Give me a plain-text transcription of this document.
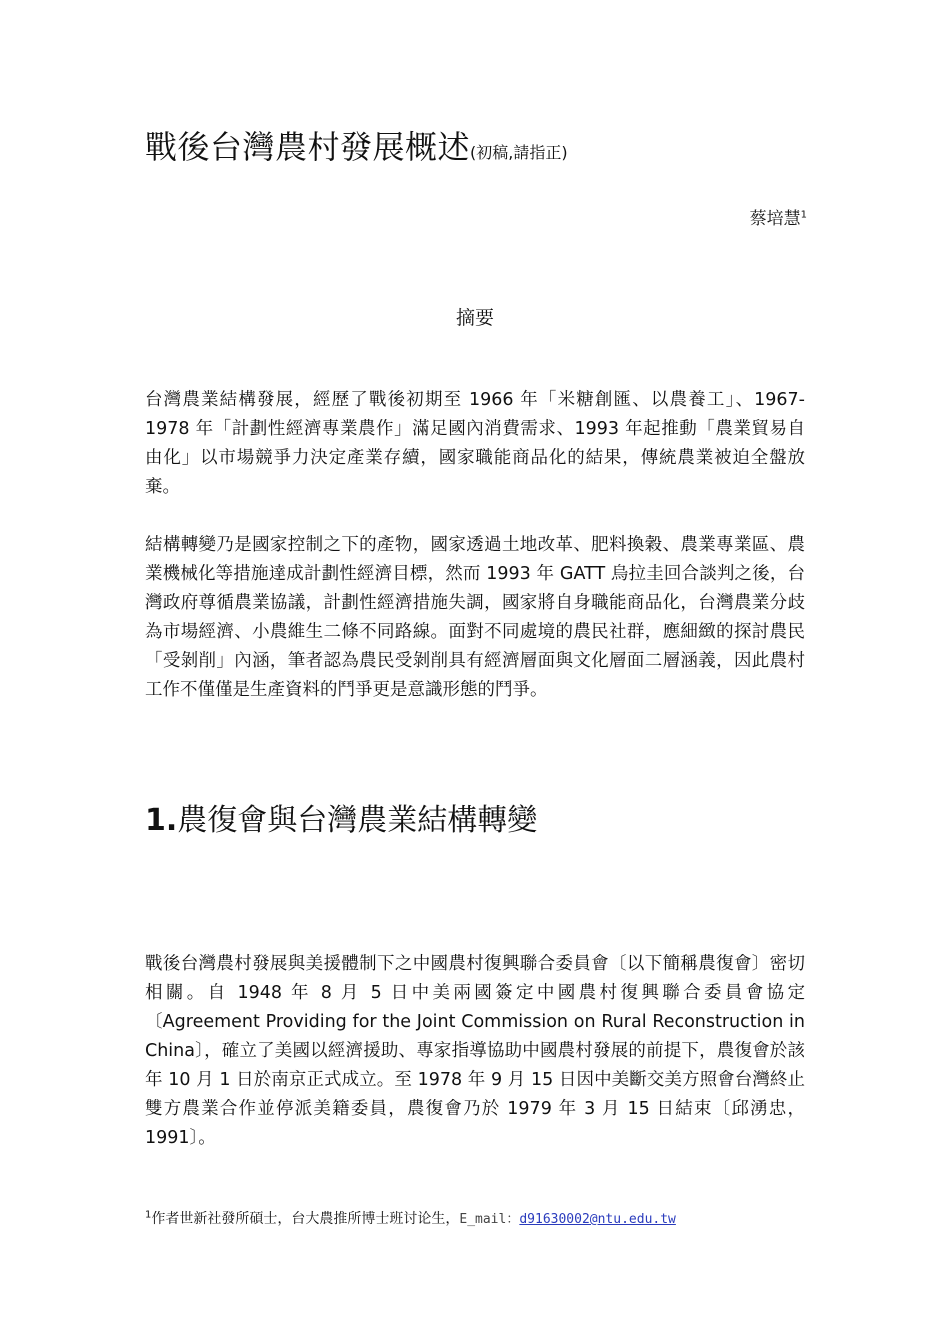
戰後台灣農村發展概述(初稿,請指正)
蔡培慧$^1$
摘要

台灣農業結構發展，經歷了戰後初期至 1966 年「米糖創匯、以農養工」、1967-1978 年「計劃性經濟專業農作」滿足國內消費需求、1993 年起推動「農業貿易自由化」以市場競爭力決定產業存續，國家職能商品化的結果，傳統農業被迫全盤放棄。

結構轉變乃是國家控制之下的產物，國家透過土地改革、肥料換穀、農業專業區、農業機械化等措施達成計劃性經濟目標，然而 1993 年 GATT 烏拉圭回合談判之後，台灣政府尊循農業協議，計劃性經濟措施失調，國家將自身職能商品化，台灣農業分歧為市場經濟、小農維生二條不同路線。面對不同處境的農民社群，應細緻的探討農民「受剝削」內涵，筆者認為農民受剝削具有經濟層面與文化層面二層涵義，因此農村工作不僅僅是生產資料的鬥爭更是意識形態的鬥爭。

1.農復會與台灣農業結構轉變

戰後台灣農村發展與美援體制下之中國農村復興聯合委員會〔以下簡稱農復會〕密切相關。自 1948 年 8 月 5 日中美兩國簽定中國農村復興聯合委員會協定〔Agreement Providing for the Joint Commission on Rural Reconstruction in China〕，確立了美國以經濟援助、專家指導協助中國農村發展的前提下，農復會於該年 10 月 1 日於南京正式成立。至 1978 年 9 月 15 日因中美斷交美方照會台灣終止雙方農業合作並停派美籍委員，農復會乃於 1979 年 3 月 15 日結束〔邱湧忠，1991〕。

$^1$作者世新社發所碩士，台大農推所博士班讨论生，E_mail：d91630002@ntu.edu.tw
